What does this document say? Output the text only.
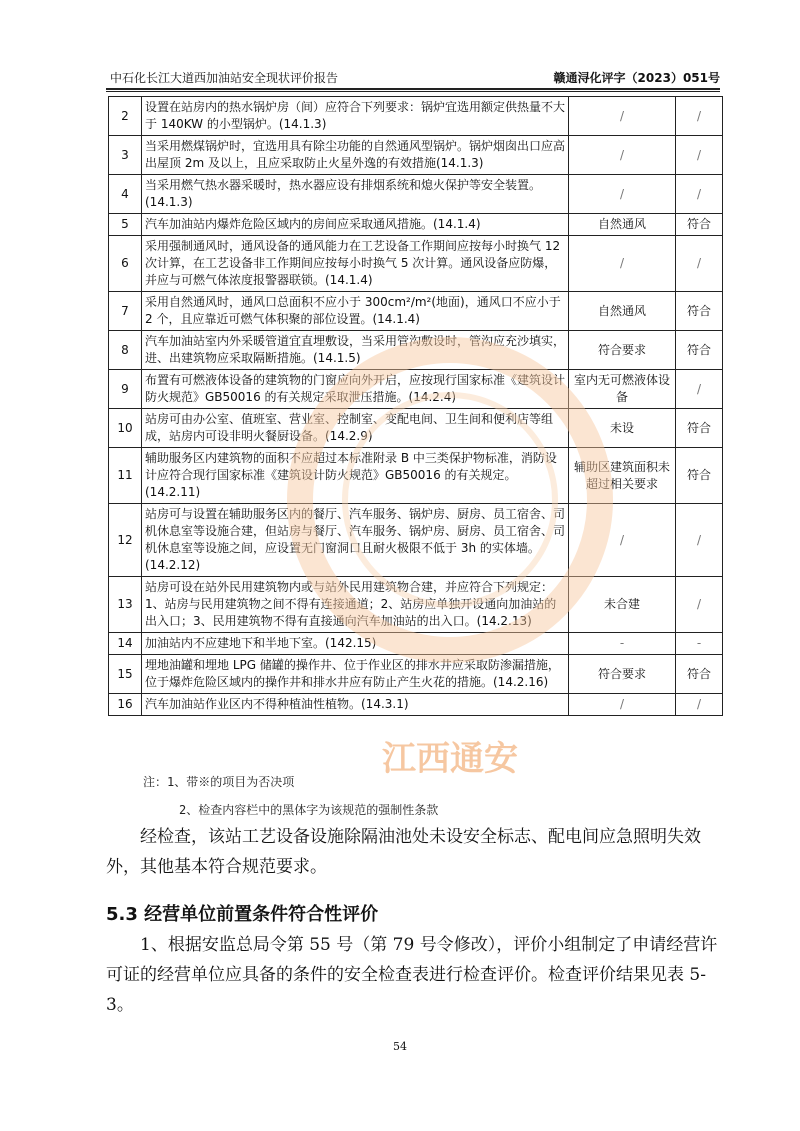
中石化长江大道西加油站安全现状评价报告	赣通浔化评字（2023）051号
2	设置在站房内的热水锅炉房（间）应符合下列要求：锅炉宜选用额定供热量不大于 140KW 的小型锅炉。(14.1.3)	/	/
3	当采用燃煤锅炉时，宜选用具有除尘功能的自然通风型锅炉。锅炉烟囱出口应高出屋顶 2m 及以上，且应采取防止火星外逸的有效措施(14.1.3)	/	/
4	当采用燃气热水器采暖时，热水器应设有排烟系统和熄火保护等安全装置。(14.1.3)	/	/
5	汽车加油站内爆炸危险区域内的房间应采取通风措施。(14.1.4)	自然通风	符合
6	采用强制通风时，通风设备的通风能力在工艺设备工作期间应按每小时换气 12 次计算，在工艺设备非工作期间应按每小时换气 5 次计算。通风设备应防爆，并应与可燃气体浓度报警器联锁。(14.1.4)	/	/
7	采用自然通风时，通风口总面积不应小于 300cm²/m²(地面)，通风口不应小于 2 个，且应靠近可燃气体积聚的部位设置。(14.1.4)	自然通风	符合
8	汽车加油站室内外采暖管道宜直埋敷设，当采用管沟敷设时，管沟应充沙填实，进、出建筑物应采取隔断措施。(14.1.5)	符合要求	符合
9	布置有可燃液体设备的建筑物的门窗应向外开启，应按现行国家标准《建筑设计防火规范》GB50016 的有关规定采取泄压措施。(14.2.4)	室内无可燃液体设备	/
10	站房可由办公室、值班室、营业室、控制室、变配电间、卫生间和便利店等组成，站房内可设非明火餐厨设备。(14.2.9)	未设	符合
11	辅助服务区内建筑物的面积不应超过本标准附录 B 中三类保护物标准，消防设计应符合现行国家标准《建筑设计防火规范》GB50016 的有关规定。(14.2.11)	辅助区建筑面积未超过相关要求	符合
12	站房可与设置在辅助服务区内的餐厅、汽车服务、锅炉房、厨房、员工宿舍、司机休息室等设施合建，但站房与餐厅、汽车服务、锅炉房、厨房、员工宿舍、司机休息室等设施之间，应设置无门窗洞口且耐火极限不低于 3h 的实体墙。(14.2.12)	/	/
13	站房可设在站外民用建筑物内或与站外民用建筑物合建，并应符合下列规定：1、站房与民用建筑物之间不得有连接通道；2、站房应单独开设通向加油站的出入口；3、民用建筑物不得有直接通向汽车加油站的出入口。(14.2.13)	未合建	/
14	加油站内不应建地下和半地下室。(142.15)	-	-
15	埋地油罐和埋地 LPG 储罐的操作井、位于作业区的排水井应采取防渗漏措施，位于爆炸危险区域内的操作井和排水井应有防止产生火花的措施。(14.2.16)	符合要求	符合
16	汽车加油站作业区内不得种植油性植物。(14.3.1)	/	/
江西通安
注：1、带※的项目为否决项
2、检查内容栏中的黑体字为该规范的强制性条款
经检查，该站工艺设备设施除隔油池处未设安全标志、配电间应急照明失效外，其他基本符合规范要求。
5.3 经营单位前置条件符合性评价
1、根据安监总局令第 55 号（第 79 号令修改），评价小组制定了申请经营许可证的经营单位应具备的条件的安全检查表进行检查评价。检查评价结果见表 5-3。
54
